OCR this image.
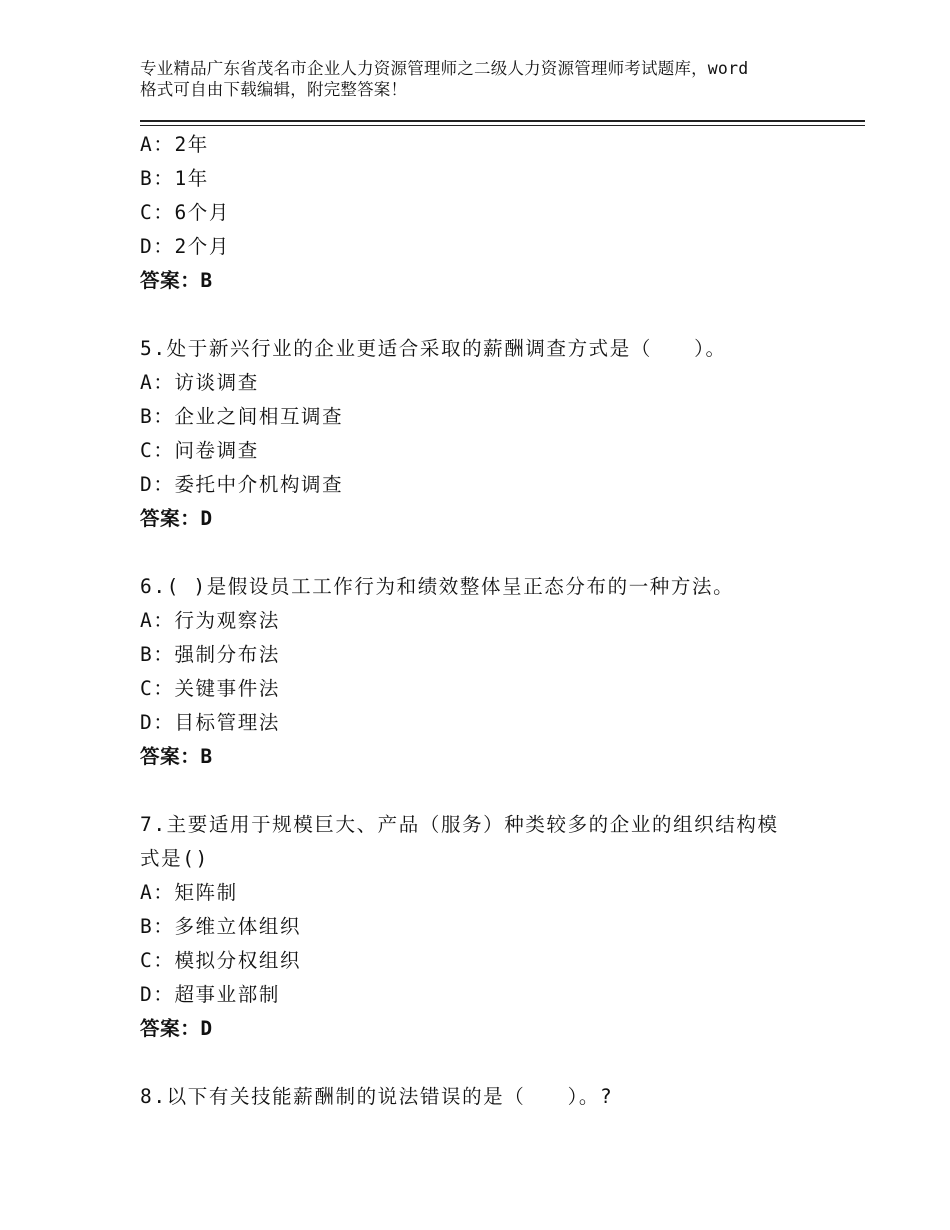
专业精品广东省茂名市企业人力资源管理师之二级人力资源管理师考试题库，word
格式可自由下载编辑，附完整答案！
A：2年
B：1年
C：6个月
D：2个月
答案：B
5.处于新兴行业的企业更适合采取的薪酬调查方式是（　　）。
A：访谈调查
B：企业之间相互调查
C：问卷调查
D：委托中介机构调查
答案：D
6.( )是假设员工工作行为和绩效整体呈正态分布的一种方法。
A：行为观察法
B：强制分布法
C：关键事件法
D：目标管理法
答案：B
7.主要适用于规模巨大、产品（服务）种类较多的企业的组织结构模
式是()
A：矩阵制
B：多维立体组织
C：模拟分权组织
D：超事业部制
答案：D
8.以下有关技能薪酬制的说法错误的是（　　）。?
